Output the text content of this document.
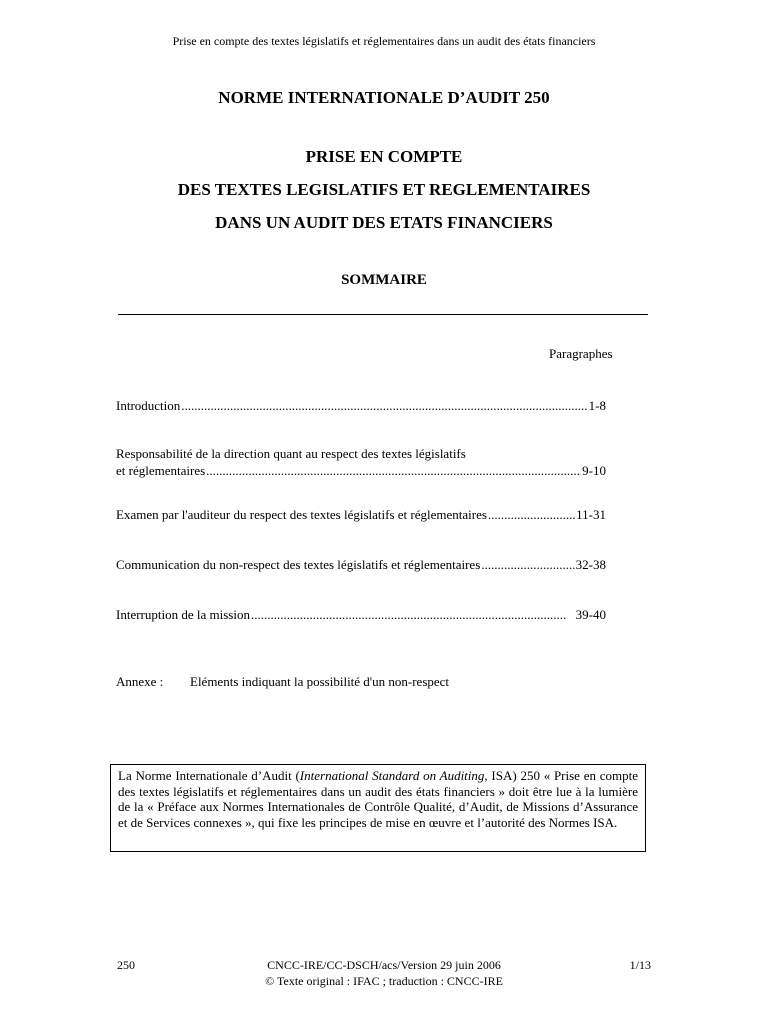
Prise en compte des textes législatifs et réglementaires dans un audit des états financiers
NORME INTERNATIONALE D’AUDIT 250
PRISE EN COMPTE
DES TEXTES LEGISLATIFS ET REGLEMENTAIRES
DANS UN AUDIT DES ETATS FINANCIERS
SOMMAIRE
Paragraphes
Introduction .....	1-8
Responsabilité de la direction quant au respect des textes législatifs
et réglementaires .....	9-10
Examen par l'auditeur du respect des textes législatifs et réglementaires .....	11-31
Communication du non-respect des textes législatifs et réglementaires .....	32-38
Interruption de la mission .....	39-40
Annexe : Eléments indiquant la possibilité d'un non-respect
La Norme Internationale d’Audit (International Standard on Auditing, ISA) 250 « Prise en compte des textes législatifs et réglementaires dans un audit des états financiers » doit être lue à la lumière de la « Préface aux Normes Internationales de Contrôle Qualité, d’Audit, de Missions d’Assurance et de Services connexes », qui fixe les principes de mise en œuvre et l’autorité des Normes ISA.
250	CNCC-IRE/CC-DSCH/acs/Version 29 juin 2006
© Texte original : IFAC ; traduction : CNCC-IRE
1/13
